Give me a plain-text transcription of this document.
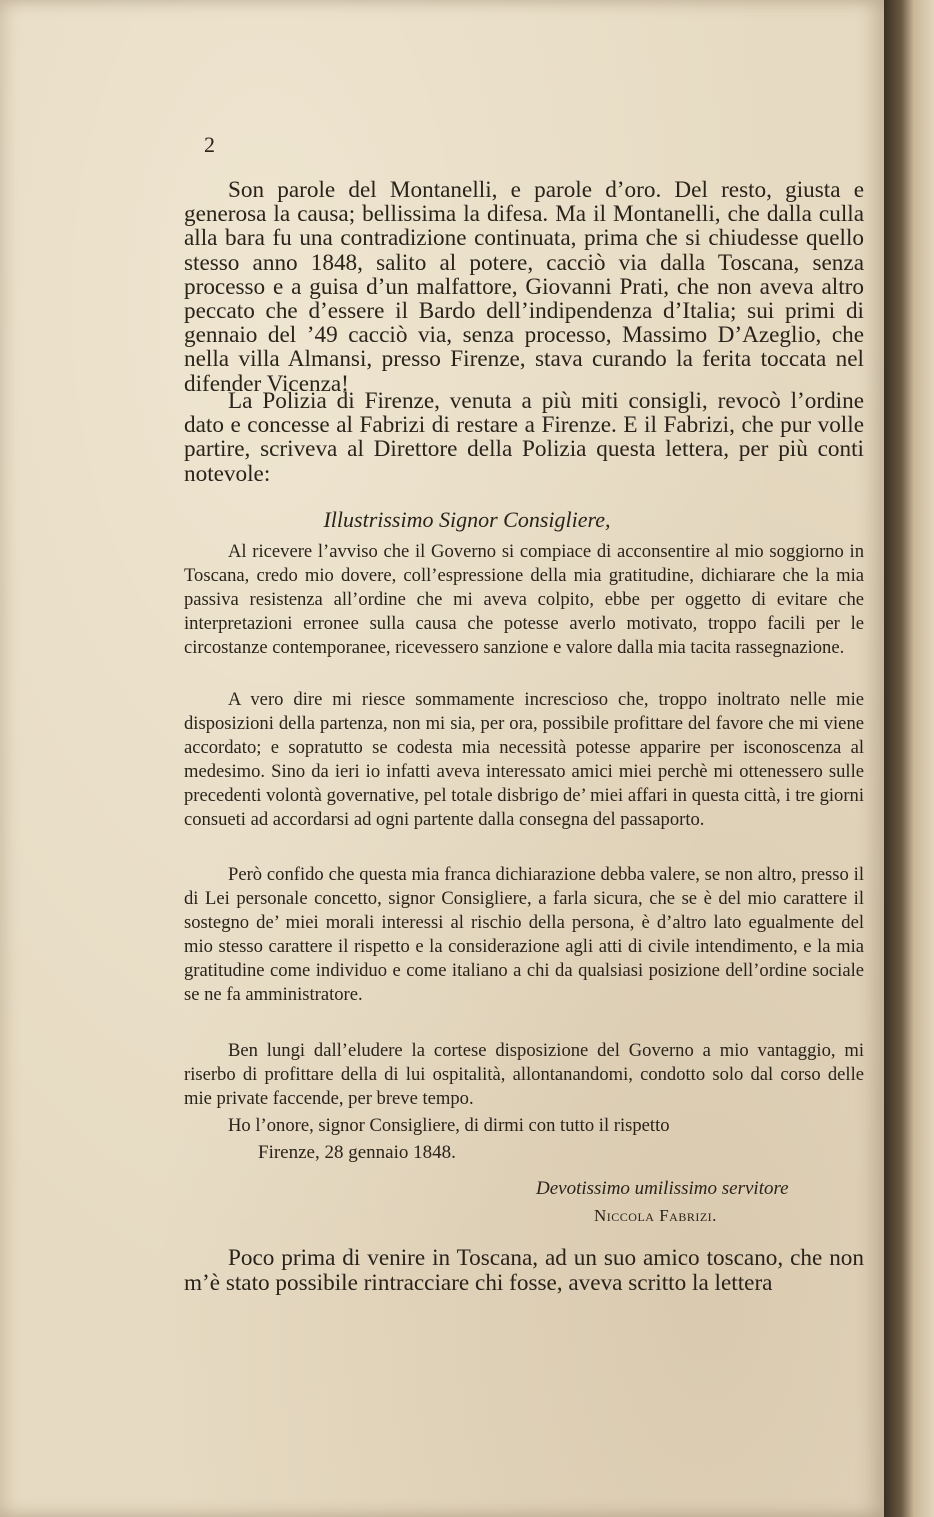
2

Son parole del Montanelli, e parole d’oro. Del resto, giusta e generosa la causa; bellissima la difesa. Ma il Montanelli, che dalla culla alla bara fu una contradizione continuata, prima che si chiudesse quello stesso anno 1848, salito al potere, cacciò via dalla Toscana, senza processo e a guisa d’un malfattore, Giovanni Prati, che non aveva altro peccato che d’essere il Bardo dell’indipendenza d’Italia; sui primi di gennaio del ’49 cacciò via, senza processo, Massimo D’Azeglio, che nella villa Almansi, presso Firenze, stava curando la ferita toccata nel difender Vicenza!

La Polizia di Firenze, venuta a più miti consigli, revocò l’ordine dato e concesse al Fabrizi di restare a Firenze. E il Fabrizi, che pur volle partire, scriveva al Direttore della Polizia questa lettera, per più conti notevole:

Illustrissimo Signor Consigliere,

Al ricevere l’avviso che il Governo si compiace di acconsentire al mio soggiorno in Toscana, credo mio dovere, coll’espressione della mia gratitudine, dichiarare che la mia passiva resistenza all’ordine che mi aveva colpito, ebbe per oggetto di evitare che interpretazioni erronee sulla causa che potesse averlo motivato, troppo facili per le circostanze contemporanee, ricevessero sanzione e valore dalla mia tacita rassegnazione.

A vero dire mi riesce sommamente increscioso che, troppo inoltrato nelle mie disposizioni della partenza, non mi sia, per ora, possibile profittare del favore che mi viene accordato; e sopratutto se codesta mia necessità potesse apparire per isconoscenza al medesimo. Sino da ieri io infatti aveva interessato amici miei perchè mi ottenessero sulle precedenti volontà governative, pel totale disbrigo de’ miei affari in questa città, i tre giorni consueti ad accordarsi ad ogni partente dalla consegna del passaporto.

Però confido che questa mia franca dichiarazione debba valere, se non altro, presso il di Lei personale concetto, signor Consigliere, a farla sicura, che se è del mio carattere il sostegno de’ miei morali interessi al rischio della persona, è d’altro lato egualmente del mio stesso carattere il rispetto e la considerazione agli atti di civile intendimento, e la mia gratitudine come individuo e come italiano a chi da qualsiasi posizione dell’ordine sociale se ne fa amministratore.

Ben lungi dall’eludere la cortese disposizione del Governo a mio vantaggio, mi riserbo di profittare della di lui ospitalità, allontanandomi, condotto solo dal corso delle mie private faccende, per breve tempo.

Ho l’onore, signor Consigliere, di dirmi con tutto il rispetto

Firenze, 28 gennaio 1848.
Devotissimo umilissimo servitore
Niccola Fabrizi.

Poco prima di venire in Toscana, ad un suo amico toscano, che non m’è stato possibile rintracciare chi fosse, aveva scritto la lettera
